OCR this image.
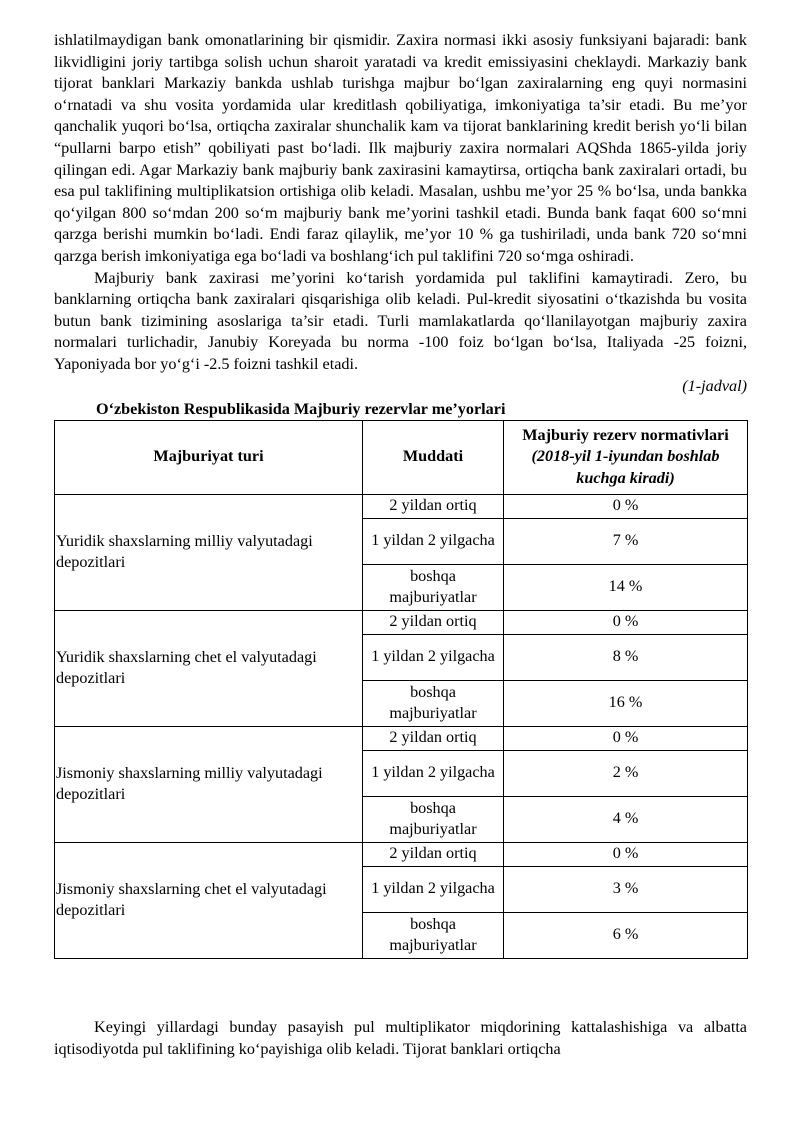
ishlatilmaydigan bank omonatlarining bir qismidir. Zaxira normasi ikki asosiy funksiyani bajaradi: bank likvidligini joriy tartibga solish uchun sharoit yaratadi va kredit emissiyasini cheklaydi. Markaziy bank tijorat banklari Markaziy bankda ushlab turishga majbur bo‘lgan zaxiralarning eng quyi normasini o‘rnatadi va shu vosita yordamida ular kreditlash qobiliyatiga, imkoniyatiga ta’sir etadi. Bu me’yor qanchalik yuqori bo‘lsa, ortiqcha zaxiralar shunchalik kam va tijorat banklarining kredit berish yo‘li bilan “pullarni barpo etish” qobiliyati past bo‘ladi. Ilk majburiy zaxira normalari AQShda 1865-yilda joriy qilingan edi. Agar Markaziy bank majburiy bank zaxirasini kamaytirsa, ortiqcha bank zaxiralari ortadi, bu esa pul taklifining multiplikatsion ortishiga olib keladi. Masalan, ushbu me’yor 25 % bo‘lsa, unda bankka qo‘yilgan 800 so‘mdan 200 so‘m majburiy bank me’yorini tashkil etadi. Bunda bank faqat 600 so‘mni qarzga berishi mumkin bo‘ladi. Endi faraz qilaylik, me’yor 10 % ga tushiriladi, unda bank 720 so‘mni qarzga berish imkoniyatiga ega bo‘ladi va boshlang‘ich pul taklifini 720 so‘mga oshiradi.

Majburiy bank zaxirasi me’yorini ko‘tarish yordamida pul taklifini kamaytiradi. Zero, bu banklarning ortiqcha bank zaxiralari qisqarishiga olib keladi. Pul-kredit siyosatini o‘tkazishda bu vosita butun bank tizimining asoslariga ta’sir etadi. Turli mamlakatlarda qo‘llanilayotgan majburiy zaxira normalari turlichadir, Janubiy Koreyada bu norma -100 foiz bo‘lgan bo‘lsa, Italiyada -25 foizni, Yaponiyada bor yo‘g‘i -2.5 foizni tashkil etadi.

(1-jadval)

O‘zbekiston Respublikasida Majburiy rezervlar me’yorlari

Majburiyat turi	Muddati	Majburiy rezerv normativlari
(2018-yil 1-iyundan boshlab kuchga kiradi)
Yuridik shaxslarning milliy valyutadagi depozitlari	2 yildan ortiq	0 %
	1 yildan 2 yilgacha	7 %
	boshqa majburiyatlar	14 %
Yuridik shaxslarning chet el valyutadagi depozitlari	2 yildan ortiq	0 %
	1 yildan 2 yilgacha	8 %
	boshqa majburiyatlar	16 %
Jismoniy shaxslarning milliy valyutadagi depozitlari	2 yildan ortiq	0 %
	1 yildan 2 yilgacha	2 %
	boshqa majburiyatlar	4 %
Jismoniy shaxslarning chet el valyutadagi depozitlari	2 yildan ortiq	0 %
	1 yildan 2 yilgacha	3 %
	boshqa majburiyatlar	6 %

Keyingi yillardagi bunday pasayish pul multiplikator miqdorining kattalashishiga va albatta iqtisodiyotda pul taklifining ko‘payishiga olib keladi. Tijorat banklari ortiqcha
